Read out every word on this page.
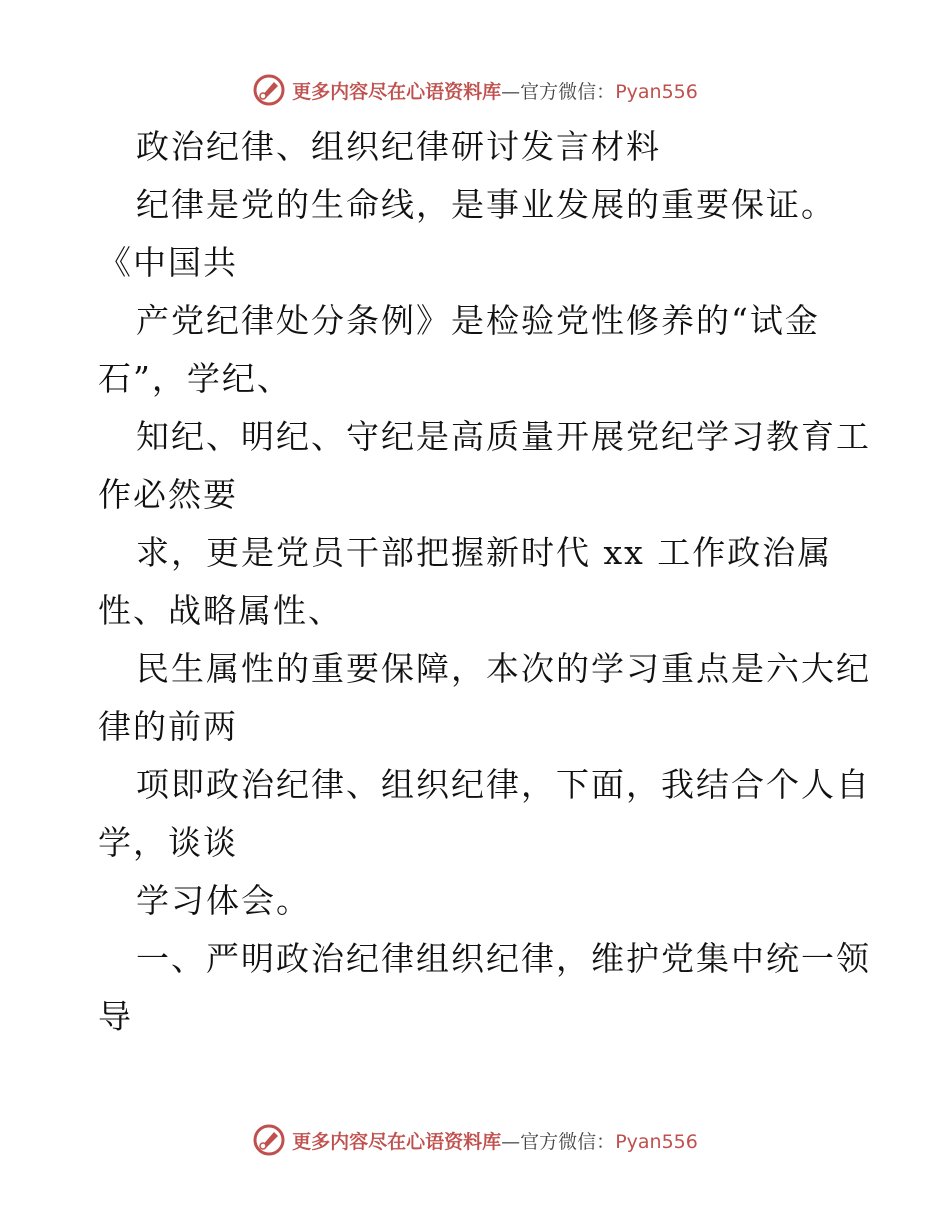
更多内容尽在心语资料库—官方微信：Pyan556
政治纪律、组织纪律研讨发言材料
纪律是党的生命线，是事业发展的重要保证。
《中国共
产党纪律处分条例》是检验党性修养的“试金
石”，学纪、
知纪、明纪、守纪是高质量开展党纪学习教育工
作必然要
求，更是党员干部把握新时代 xx 工作政治属
性、战略属性、
民生属性的重要保障，本次的学习重点是六大纪
律的前两
项即政治纪律、组织纪律，下面，我结合个人自
学，谈谈
学习体会。
一、严明政治纪律组织纪律，维护党集中统一领
导
更多内容尽在心语资料库—官方微信：Pyan556
